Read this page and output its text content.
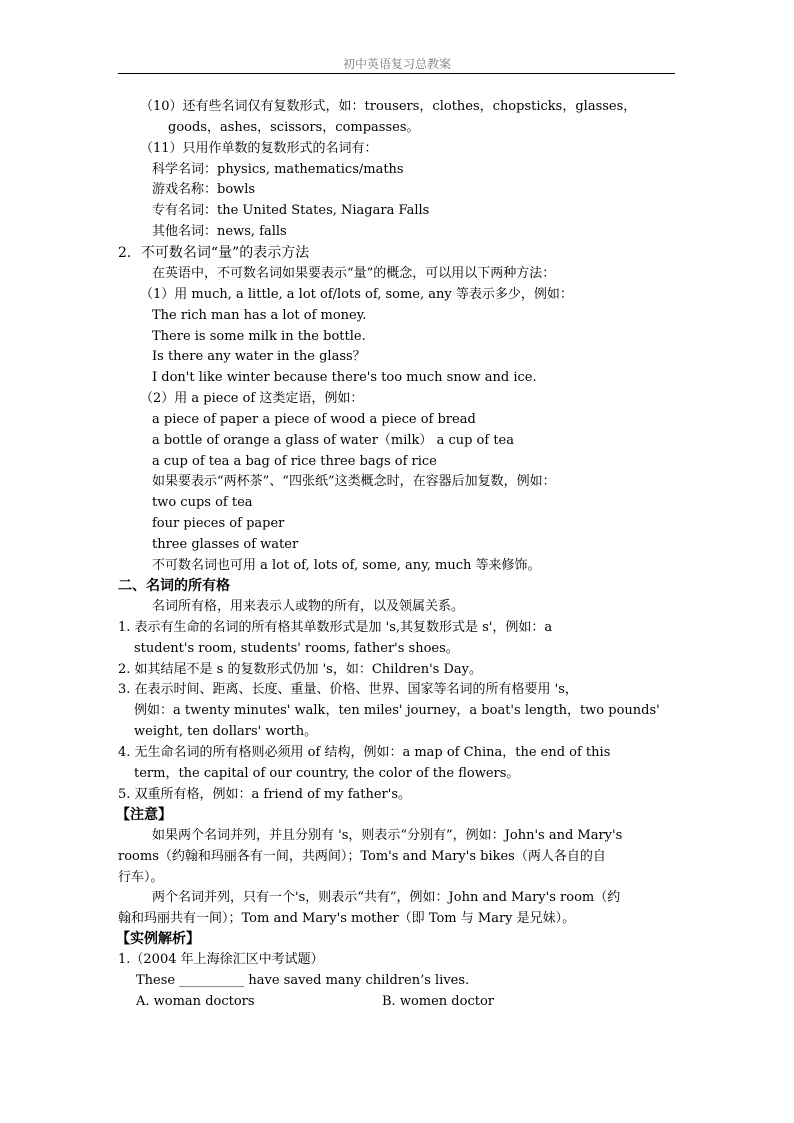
初中英语复习总教案
（10）还有些名词仅有复数形式，如：trousers，clothes，chopsticks，glasses，
goods，ashes，scissors，compasses。
（11）只用作单数的复数形式的名词有：
科学名词：physics, mathematics/maths
游戏名称：bowls
专有名词：the United States, Niagara Falls
其他名词：news, falls
2．不可数名词“量”的表示方法
在英语中，不可数名词如果要表示“量”的概念，可以用以下两种方法：
（1）用 much, a little, a lot of/lots of, some, any 等表示多少，例如：
The rich man has a lot of money.
There is some milk in the bottle.
Is there any water in the glass？
I don't like winter because there's too much snow and ice.
（2）用 a piece of 这类定语，例如：
a piece of paper a piece of wood a piece of bread
a bottle of orange a glass of water（milk） a cup of tea
a cup of tea a bag of rice three bags of rice
如果要表示“两杯茶”、“四张纸”这类概念时，在容器后加复数，例如：
two cups of tea
four pieces of paper
three glasses of water
不可数名词也可用 a lot of, lots of, some, any, much 等来修饰。
二、名词的所有格
名词所有格，用来表示人或物的所有，以及领属关系。
1. 表示有生命的名词的所有格其单数形式是加 's,其复数形式是 s'，例如：a
student's room, students' rooms, father's shoes。
2. 如其结尾不是 s 的复数形式仍加 's，如：Children's Day。
3. 在表示时间、距离、长度、重量、价格、世界、国家等名词的所有格要用 's，
例如：a twenty minutes' walk，ten miles' journey，a boat's length，two pounds'
weight, ten dollars' worth。
4. 无生命名词的所有格则必须用 of 结构，例如：a map of China，the end of this
term，the capital of our country, the color of the flowers。
5. 双重所有格，例如：a friend of my father's。
【注意】
如果两个名词并列，并且分别有 's，则表示“分别有”，例如：John's and Mary's
rooms（约翰和玛丽各有一间，共两间）；Tom's and Mary's bikes（两人各自的自
行车）。
两个名词并列，只有一个's，则表示“共有”，例如：John and Mary's room（约
翰和玛丽共有一间）；Tom and Mary's mother（即 Tom 与 Mary 是兄妹）。
【实例解析】
1.（2004 年上海徐汇区中考试题）
These __________ have saved many children’s lives.
A. woman doctors	B. women doctor
